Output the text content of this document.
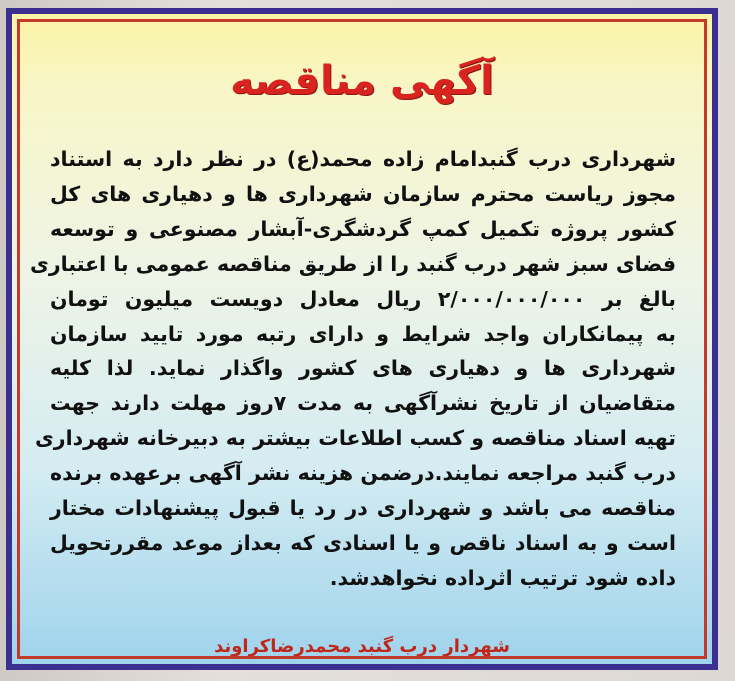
آگهی مناقصه
شهرداری درب گنبدامام زاده محمد(ع) در نظر دارد به استناد
مجوز ریاست محترم سازمان شهرداری ها و دهیاری های کل
کشور پروژه تکمیل کمپ گردشگری-آبشار مصنوعی و توسعه
فضای سبز شهر درب گنبد را از طریق مناقصه عمومی با اعتباری
بالغ بر ۲/۰۰۰/۰۰۰/۰۰۰ ریال معادل دویست میلیون تومان
به پیمانکاران واجد شرایط و دارای رتبه مورد تایید سازمان
شهرداری ها و دهیاری های کشور واگذار نماید. لذا کلیه
متقاضیان از تاریخ نشرآگهی به مدت ۷روز مهلت دارند جهت
تهیه اسناد مناقصه و کسب اطلاعات بیشتر به دبیرخانه شهرداری
درب گنبد مراجعه نمایند.درضمن هزینه نشر آگهی برعهده برنده
مناقصه می باشد و شهرداری در رد یا قبول پیشنهادات مختار
است و به اسناد ناقص و یا اسنادی که بعداز موعد مقررتحویل
داده شود ترتیب اثرداده نخواهدشد.
شهردار درب گنبد محمدرضاکراوند
